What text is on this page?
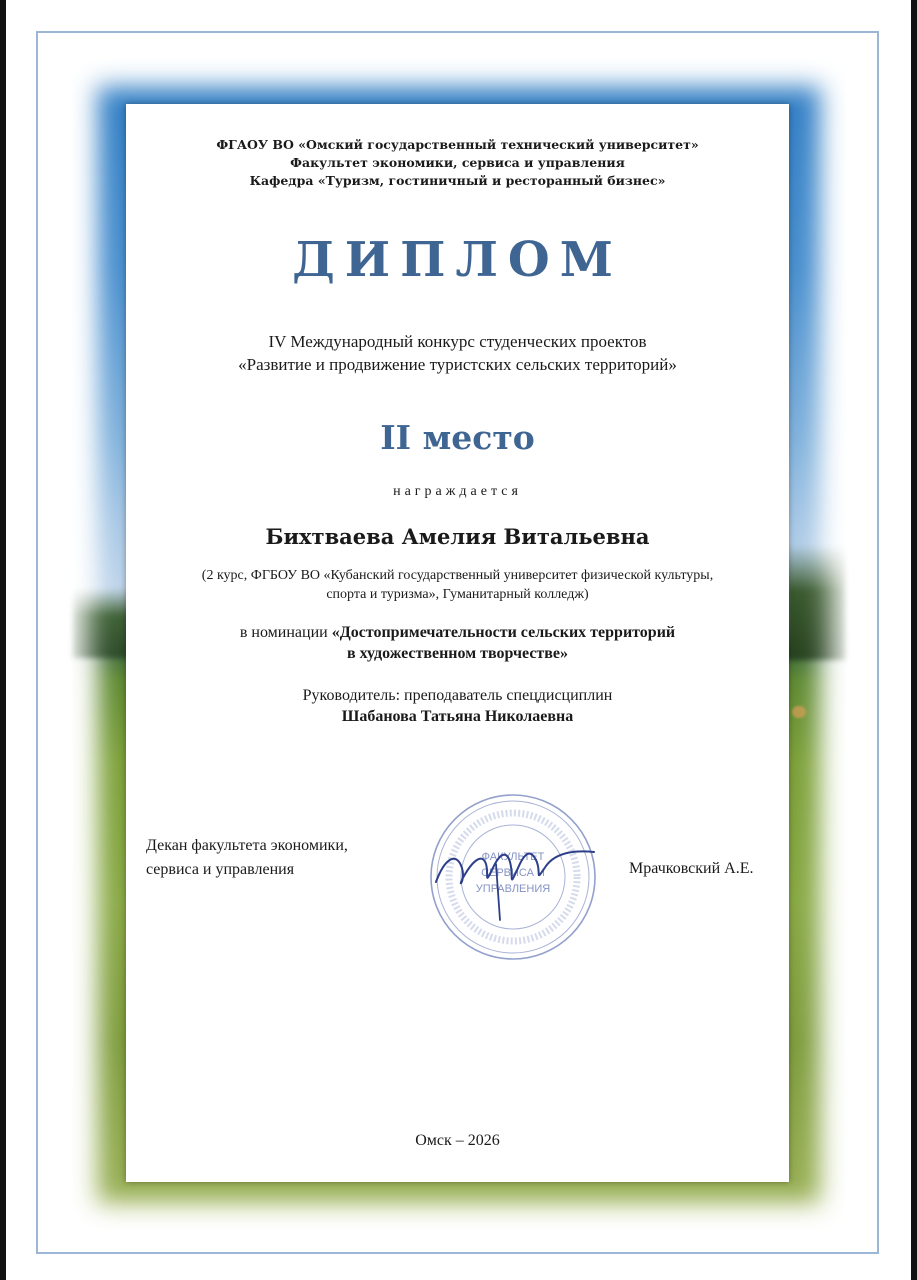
ФГАОУ ВО «Омский государственный технический университет»
Факультет экономики, сервиса и управления
Кафедра «Туризм, гостиничный и ресторанный бизнес»
ДИПЛОМ
IV Международный конкурс студенческих проектов
«Развитие и продвижение туристских сельских территорий»
II место
награждается
Бихтваева Амелия Витальевна
(2 курс, ФГБОУ ВО «Кубанский государственный университет физической культуры,
спорта и туризма», Гуманитарный колледж)
в номинации «Достопримечательности сельских территорий
в художественном творчестве»
Руководитель: преподаватель спецдисциплин
Шабанова Татьяна Николаевна
Декан факультета экономики,
сервиса и управления
ФАКУЛЬТЕТ
СЕРВИСА И
УПРАВЛЕНИЯ
Мрачковский А.Е.
Омск – 2026
